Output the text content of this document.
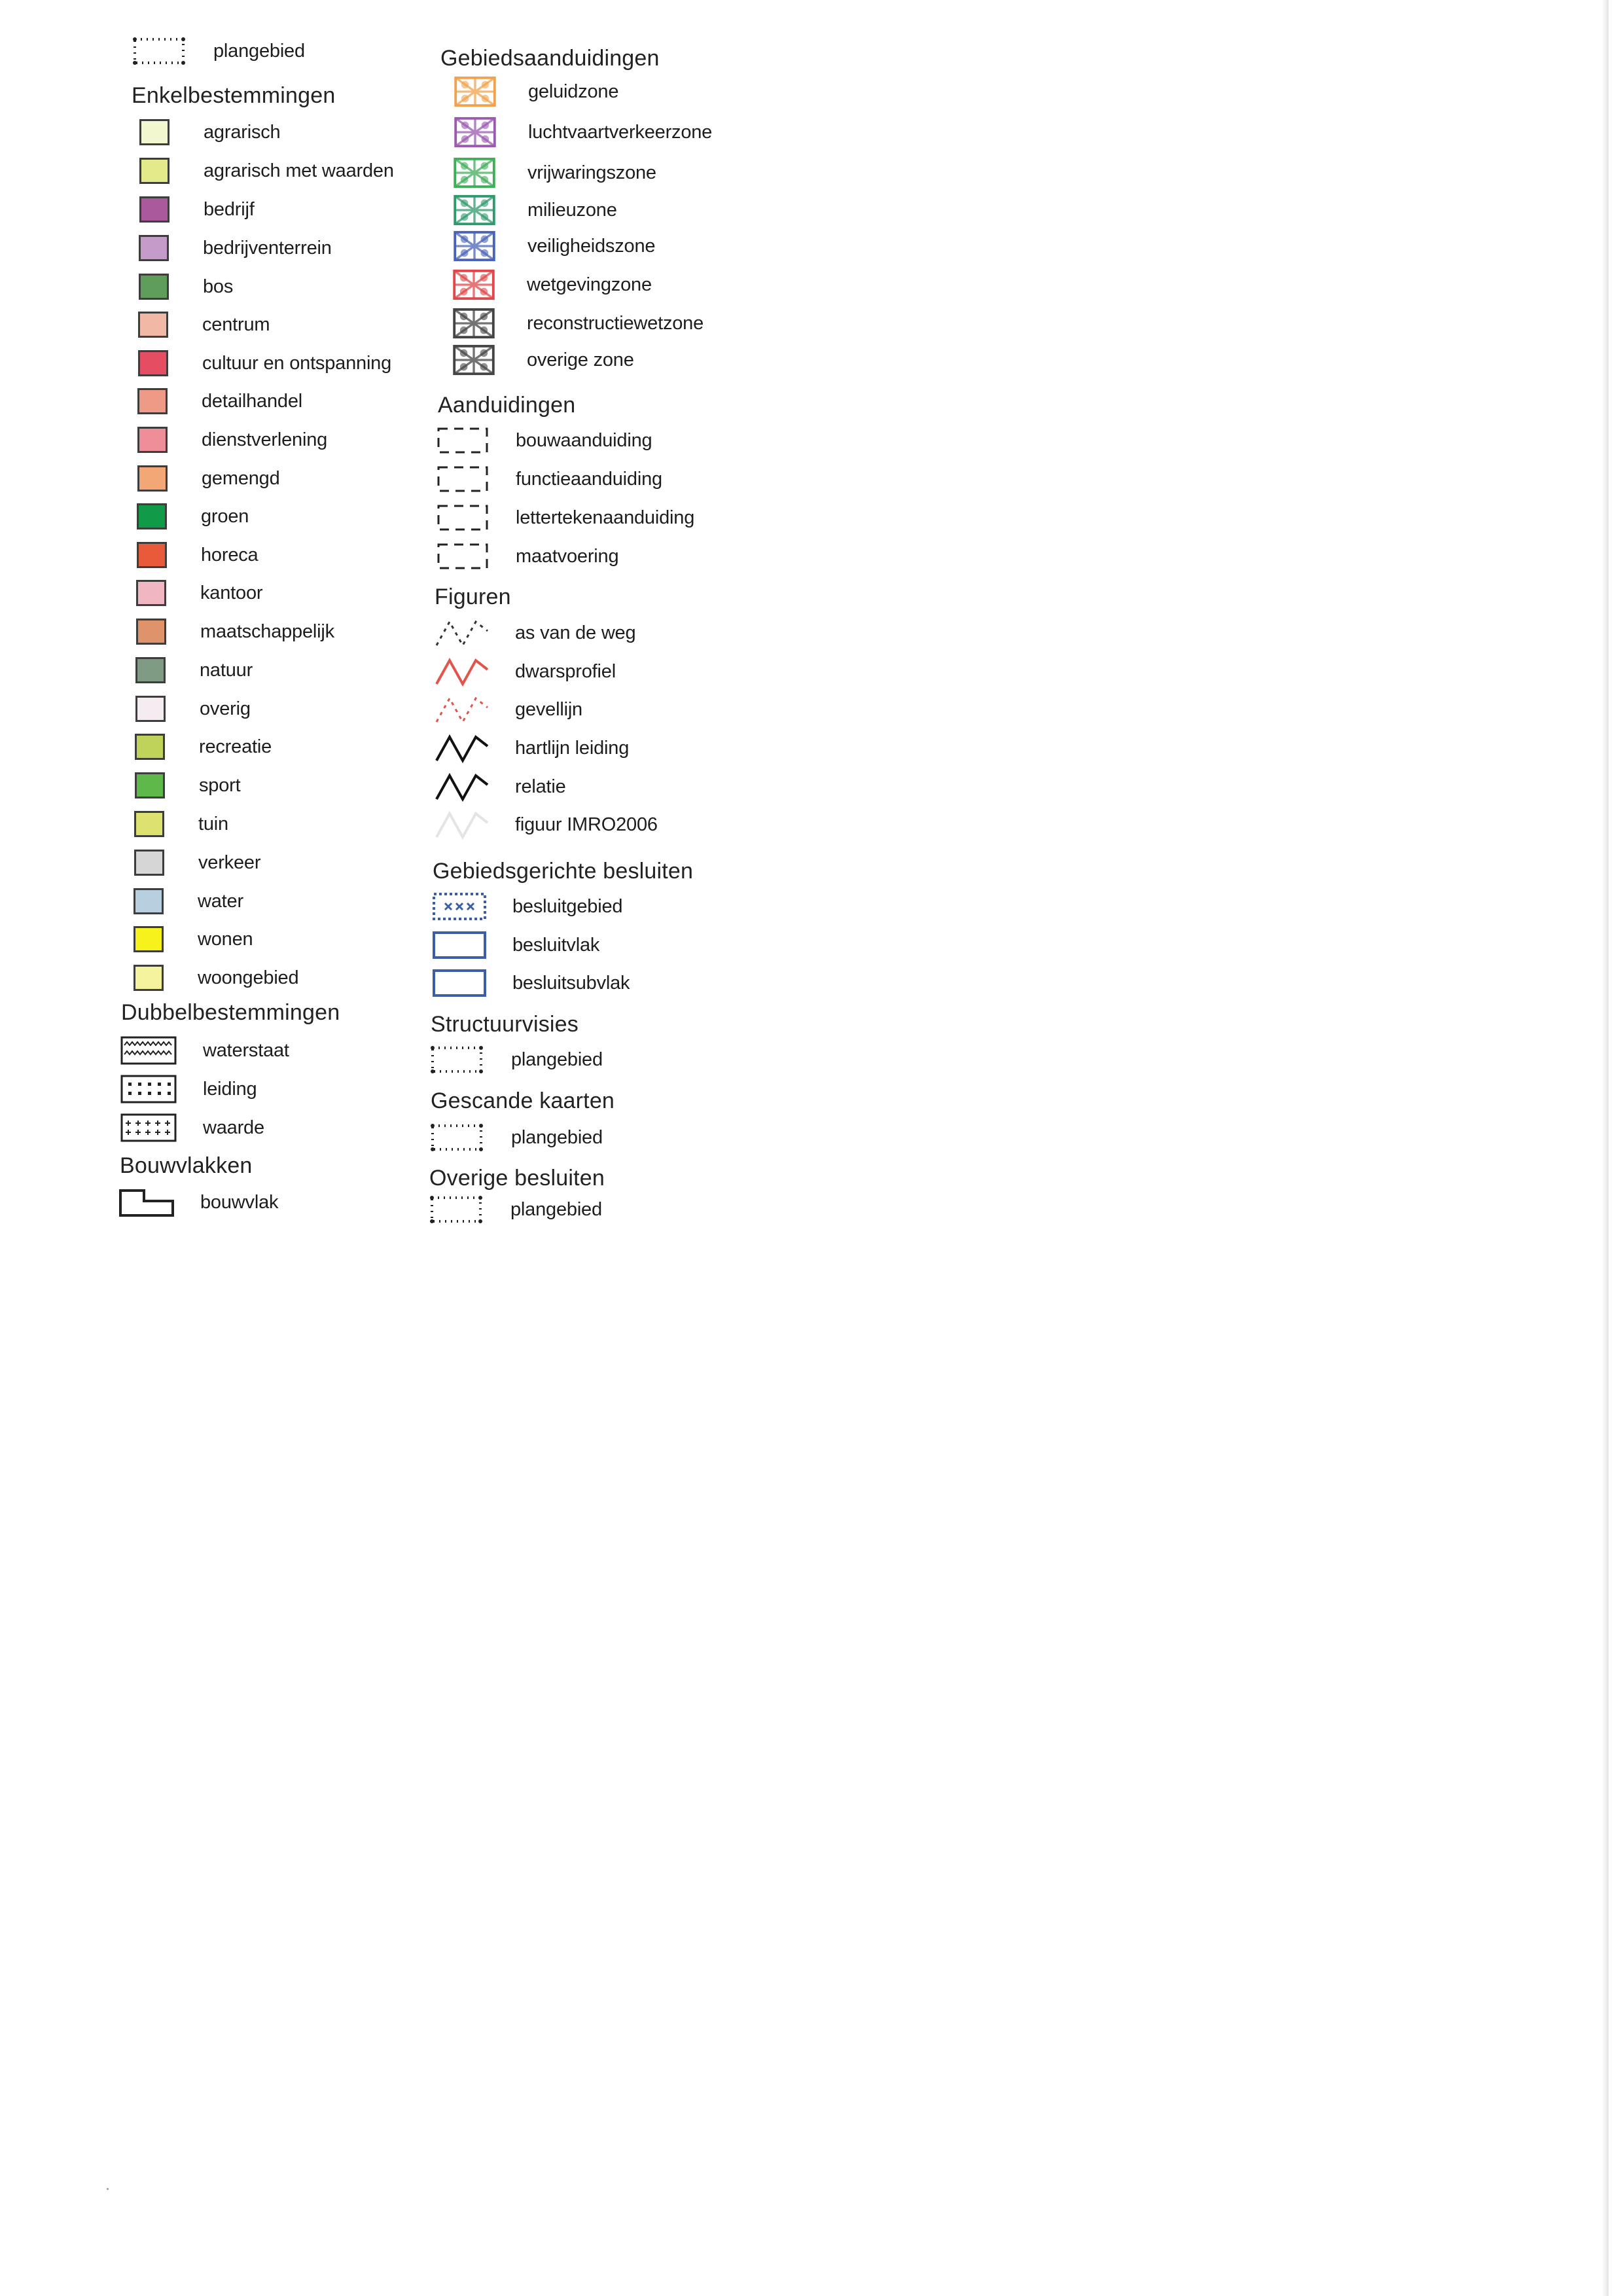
plangebied
Enkelbestemmingen
agrarisch
agrarisch met waarden
bedrijf
bedrijventerrein
bos
centrum
cultuur en ontspanning
detailhandel
dienstverlening
gemengd
groen
horeca
kantoor
maatschappelijk
natuur
overig
recreatie
sport
tuin
verkeer
water
wonen
woongebied
Dubbelbestemmingen
waterstaat
leiding
waarde
Bouwvlakken
bouwvlak
Gebiedsaanduidingen
geluidzone
luchtvaartverkeerzone
vrijwaringszone
milieuzone
veiligheidszone
wetgevingzone
reconstructiewetzone
overige zone
Aanduidingen
bouwaanduiding
functieaanduiding
lettertekenaanduiding
maatvoering
Figuren
as van de weg
dwarsprofiel
gevellijn
hartlijn leiding
relatie
figuur IMRO2006
Gebiedsgerichte besluiten
besluitgebied
besluitvlak
besluitsubvlak
Structuurvisies
plangebied
Gescande kaarten
plangebied
Overige besluiten
plangebied
